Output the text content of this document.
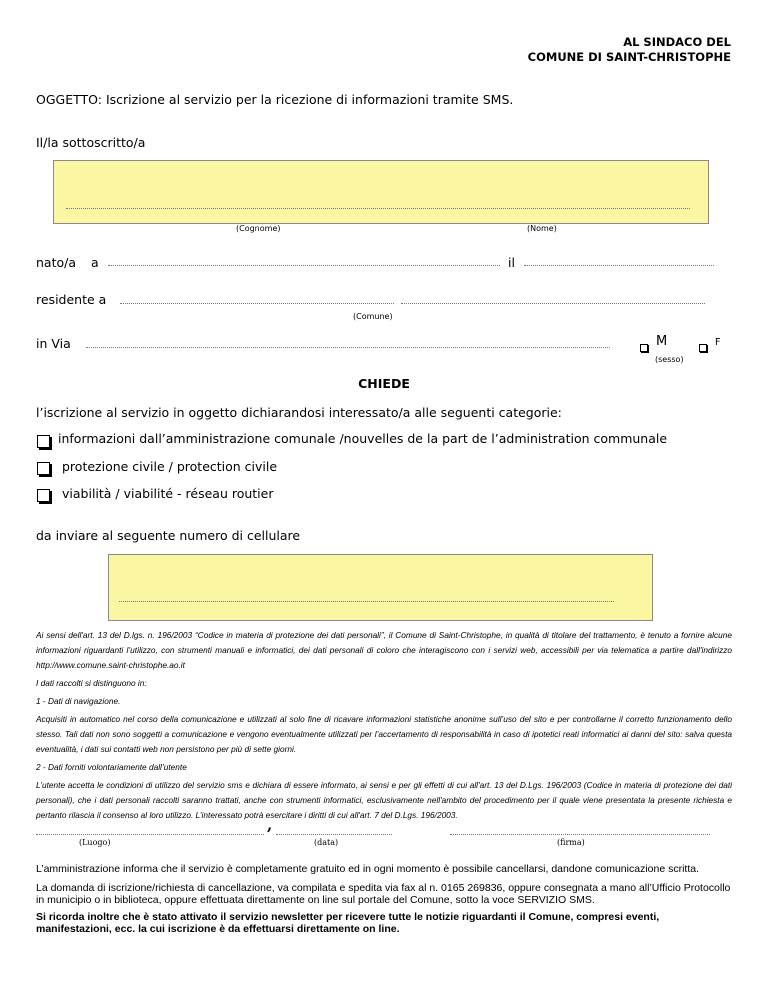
AL SINDACO DEL
COMUNE DI SAINT-CHRISTOPHE
OGGETTO: Iscrizione al servizio per la ricezione di informazioni tramite SMS.
Il/la sottoscritto/a
(Cognome)	(Nome)
nato/a a	il
residente a
(Comune)
in Via	M	F
(sesso)
CHIEDE
l’iscrizione al servizio in oggetto dichiarandosi interessato/a alle seguenti categorie:
informazioni dall’amministrazione comunale /nouvelles de la part de l’administration communale
protezione civile / protection civile
viabilità / viabilité - réseau routier
da inviare al seguente numero di cellulare

Ai sensi dell'art. 13 del D.lgs. n. 196/2003 “Codice in materia di protezione dei dati personali”, il Comune di Saint-Christophe, in qualità di titolare del trattamento, è tenuto a fornire alcune informazioni riguardanti l’utilizzo, con strumenti manuali e informatici, dei dati personali di coloro che interagiscono con i servizi web, accessibili per via telematica a partire dall'indirizzo http://www.comune.saint-christophe.ao.it

I dati raccolti si distinguono in:

1 - Dati di navigazione.

Acquisiti in automatico nel corso della comunicazione e utilizzati al solo fine di ricavare informazioni statistiche anonime sull’uso del sito e per controllarne il corretto funzionamento dello stesso. Tali dati non sono soggetti a comunicazione e vengono eventualmente utilizzati per l’accertamento di responsabilità in caso di ipotetici reati informatici ai danni del sito: salva questa eventualità, i dati sui contatti web non persistono per più di sette giorni.

2 - Dati forniti volontariamente dall’utente

L’utente accetta le condizioni di utilizzo del servizio sms e dichiara di essere informato, ai sensi e per gli effetti di cui all'art. 13 del D.Lgs. 196/2003 (Codice in materia di protezione dei dati personali), che i dati personali raccolti saranno trattati, anche con strumenti informatici, esclusivamente nell'ambito del procedimento per il quale viene presentata la presente richiesta e pertanto rilascia il consenso al loro utilizzo. L’interessato potrà esercitare i diritti di cui all'art. 7 del D.Lgs. 196/2003.

,
(Luogo)	(data)	(firma)
L’amministrazione informa che il servizio è completamente gratuito ed in ogni momento è possibile cancellarsi, dandone comunicazione scritta.
La domanda di iscrizione/richiesta di cancellazione, va compilata e spedita via fax al n. 0165 269836, oppure consegnata a mano all’Ufficio Protocollo in municipio o in biblioteca, oppure effettuata direttamente on line sul portale del Comune, sotto la voce SERVIZIO SMS.
Si ricorda inoltre che è stato attivato il servizio newsletter per ricevere tutte le notizie riguardanti il Comune, compresi eventi, manifestazioni, ecc. la cui iscrizione è da effettuarsi direttamente on line.
